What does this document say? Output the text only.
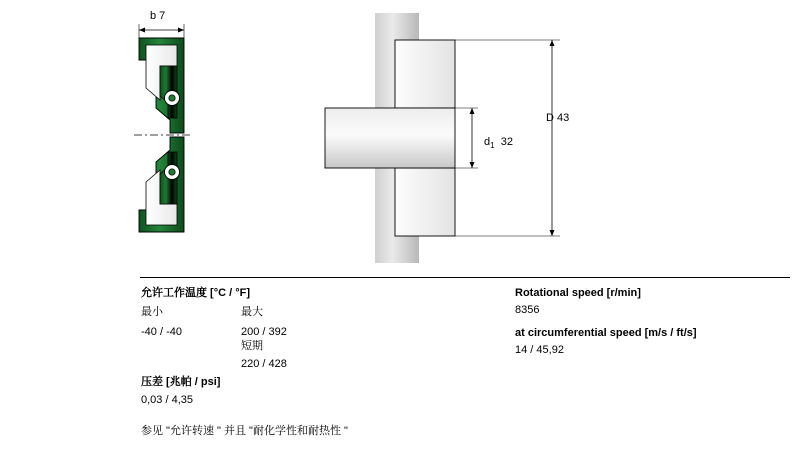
b 7
D 43
$d_1$ 32
允许工作温度 [°C / °F]
最小	最大
-40 / -40	200 / 392
短期
220 / 428
压差 [兆帕 / psi]
0,03 / 4,35
参见 "允许转速 " 并且 "耐化学性和耐热性 "
Rotational speed [r/min]
8356
at circumferential speed [m/s / ft/s]
14 / 45,92
